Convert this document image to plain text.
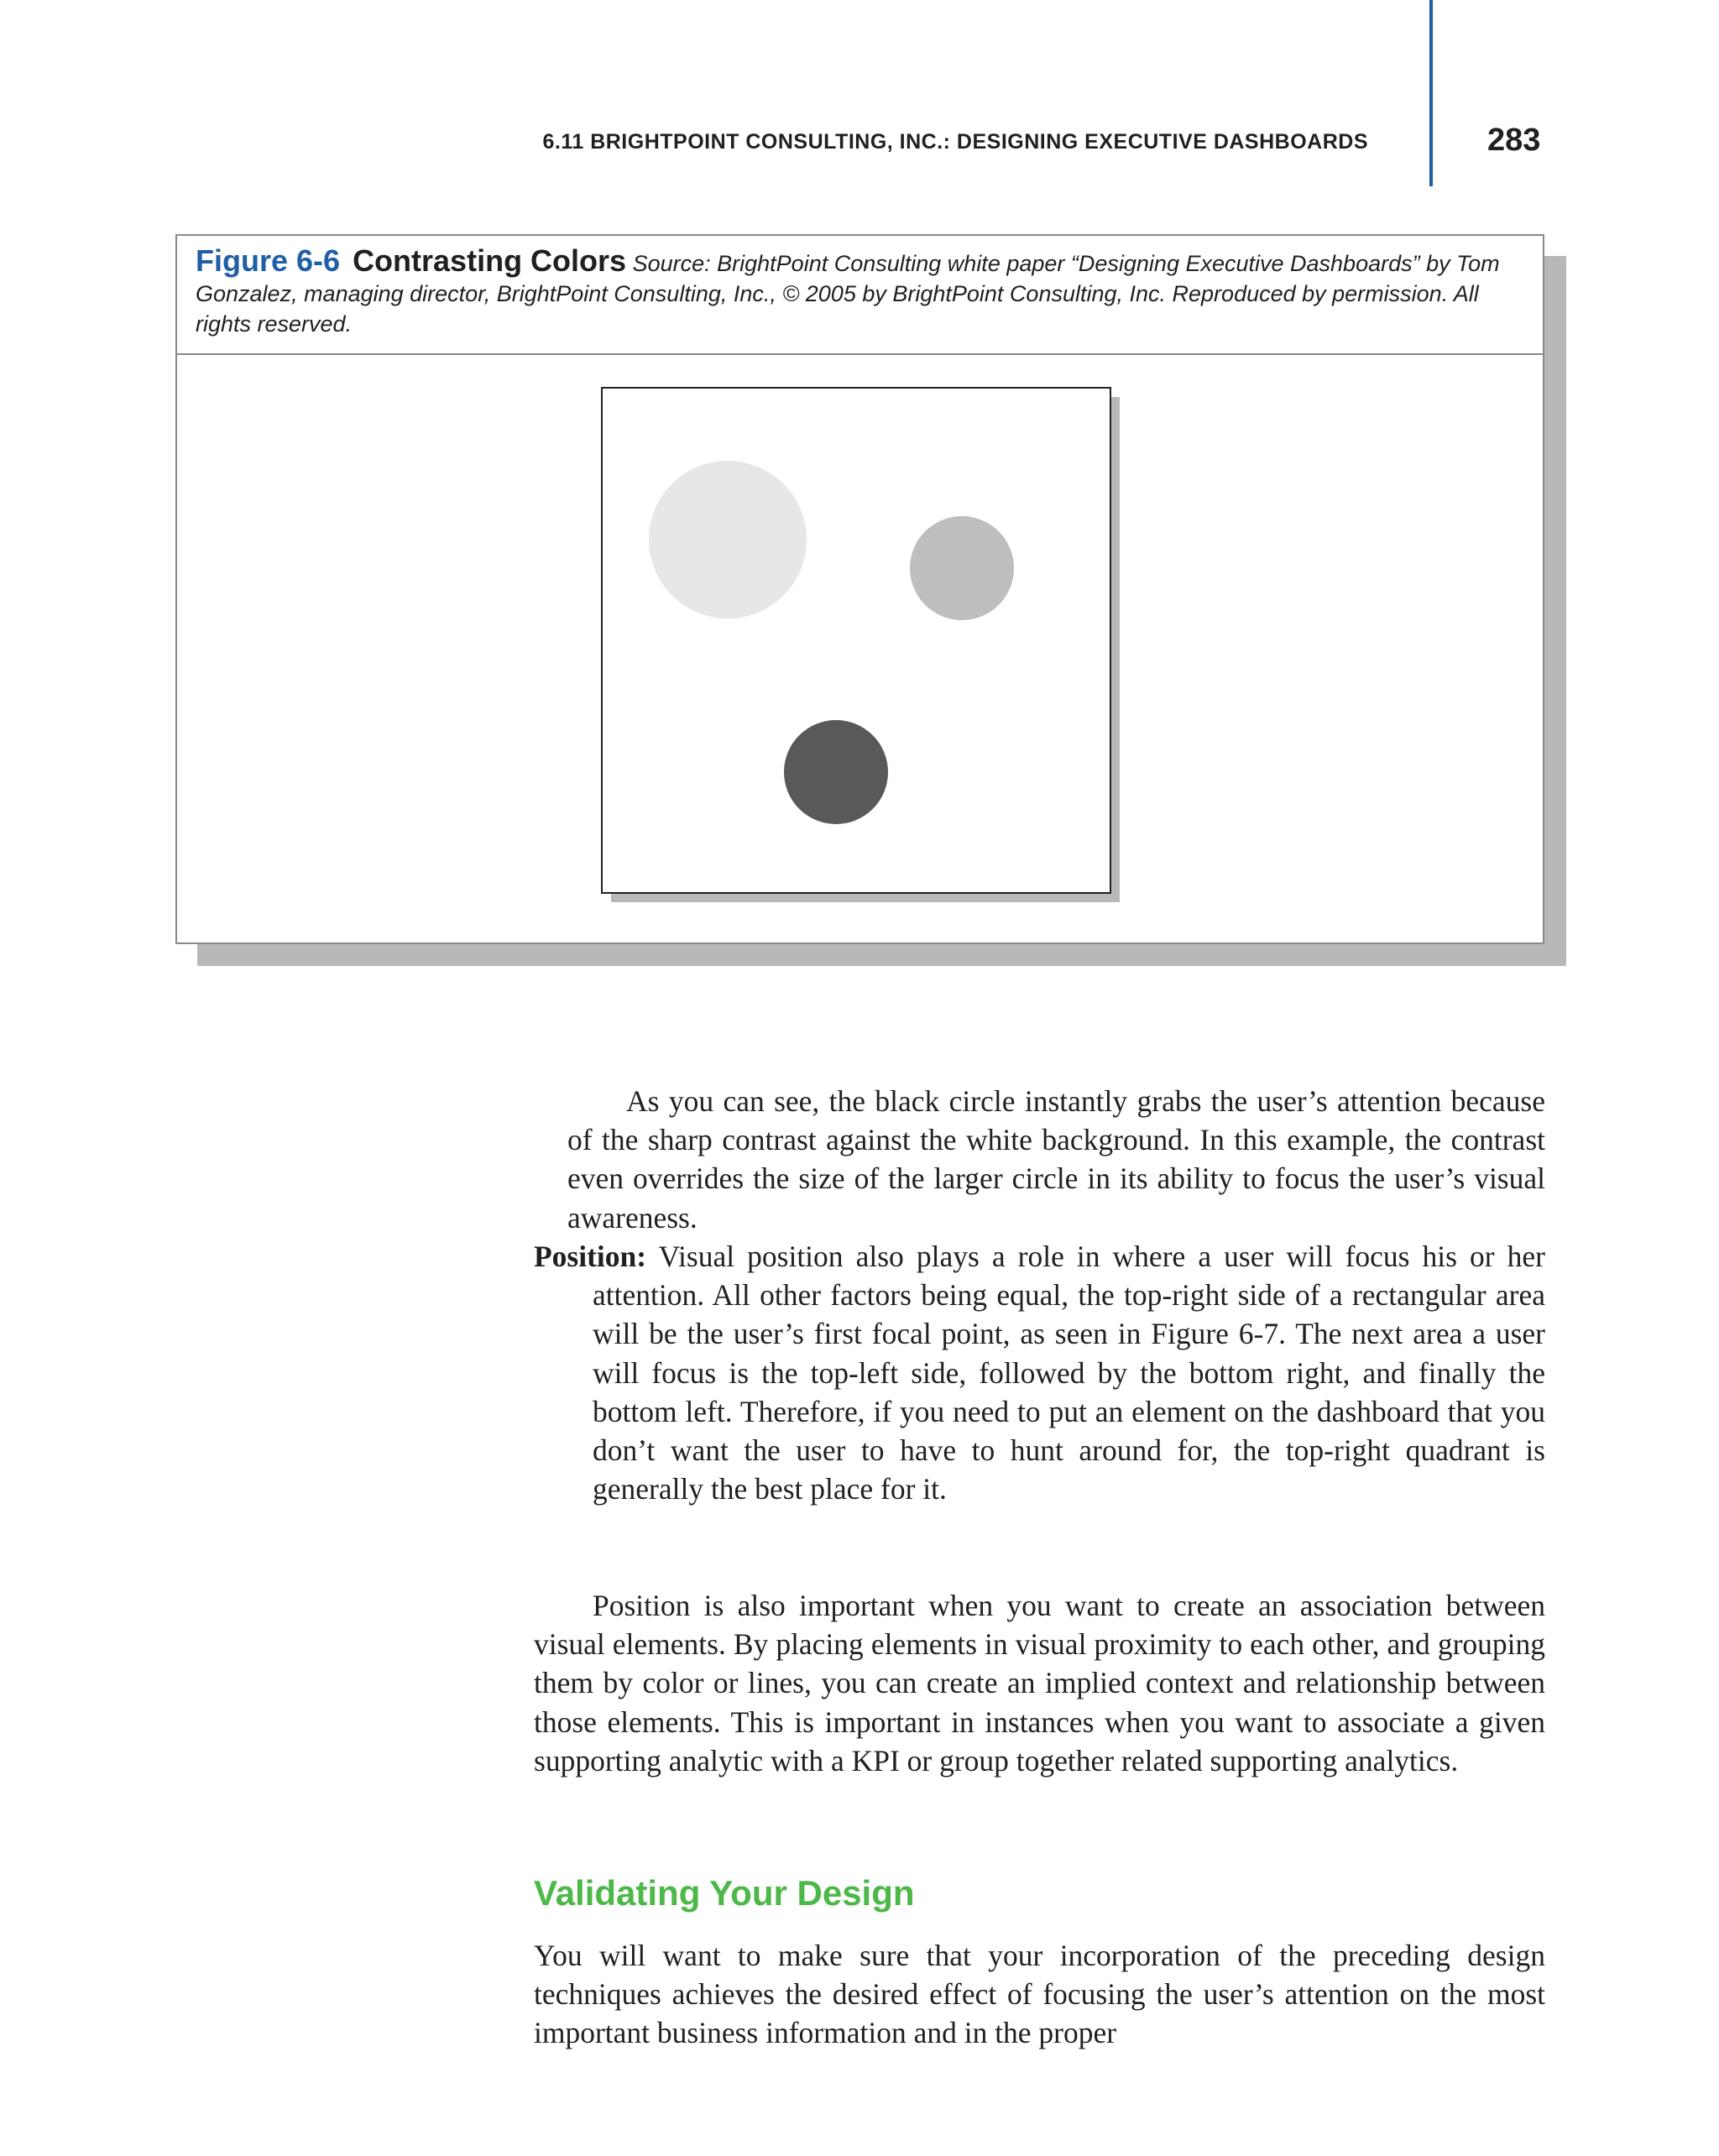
6.11 BRIGHTPOINT CONSULTING, INC.: DESIGNING EXECUTIVE DASHBOARDS	283
Figure 6-6 Contrasting Colors Source: BrightPoint Consulting white paper “Designing Executive Dashboards” by Tom Gonzalez, managing director, BrightPoint Consulting, Inc., © 2005 by BrightPoint Consulting, Inc. Reproduced by permission. All rights reserved.

As you can see, the black circle instantly grabs the user’s attention because of the sharp contrast against the white background. In this example, the contrast even overrides the size of the larger circle in its ability to focus the user’s visual awareness.

Position: Visual position also plays a role in where a user will focus his or her attention. All other factors being equal, the top-right side of a rectangular area will be the user’s first focal point, as seen in Figure 6-7. The next area a user will focus is the top-left side, followed by the bottom right, and finally the bottom left. Therefore, if you need to put an element on the dashboard that you don’t want the user to have to hunt around for, the top-right quadrant is generally the best place for it.

Position is also important when you want to create an association between visual elements. By placing elements in visual proximity to each other, and grouping them by color or lines, you can create an implied context and relationship between those elements. This is important in instances when you want to associate a given supporting analytic with a KPI or group together related supporting analytics.

Validating Your Design

You will want to make sure that your incorporation of the preceding design techniques achieves the desired effect of focusing the user’s attention on the most important business information and in the proper
